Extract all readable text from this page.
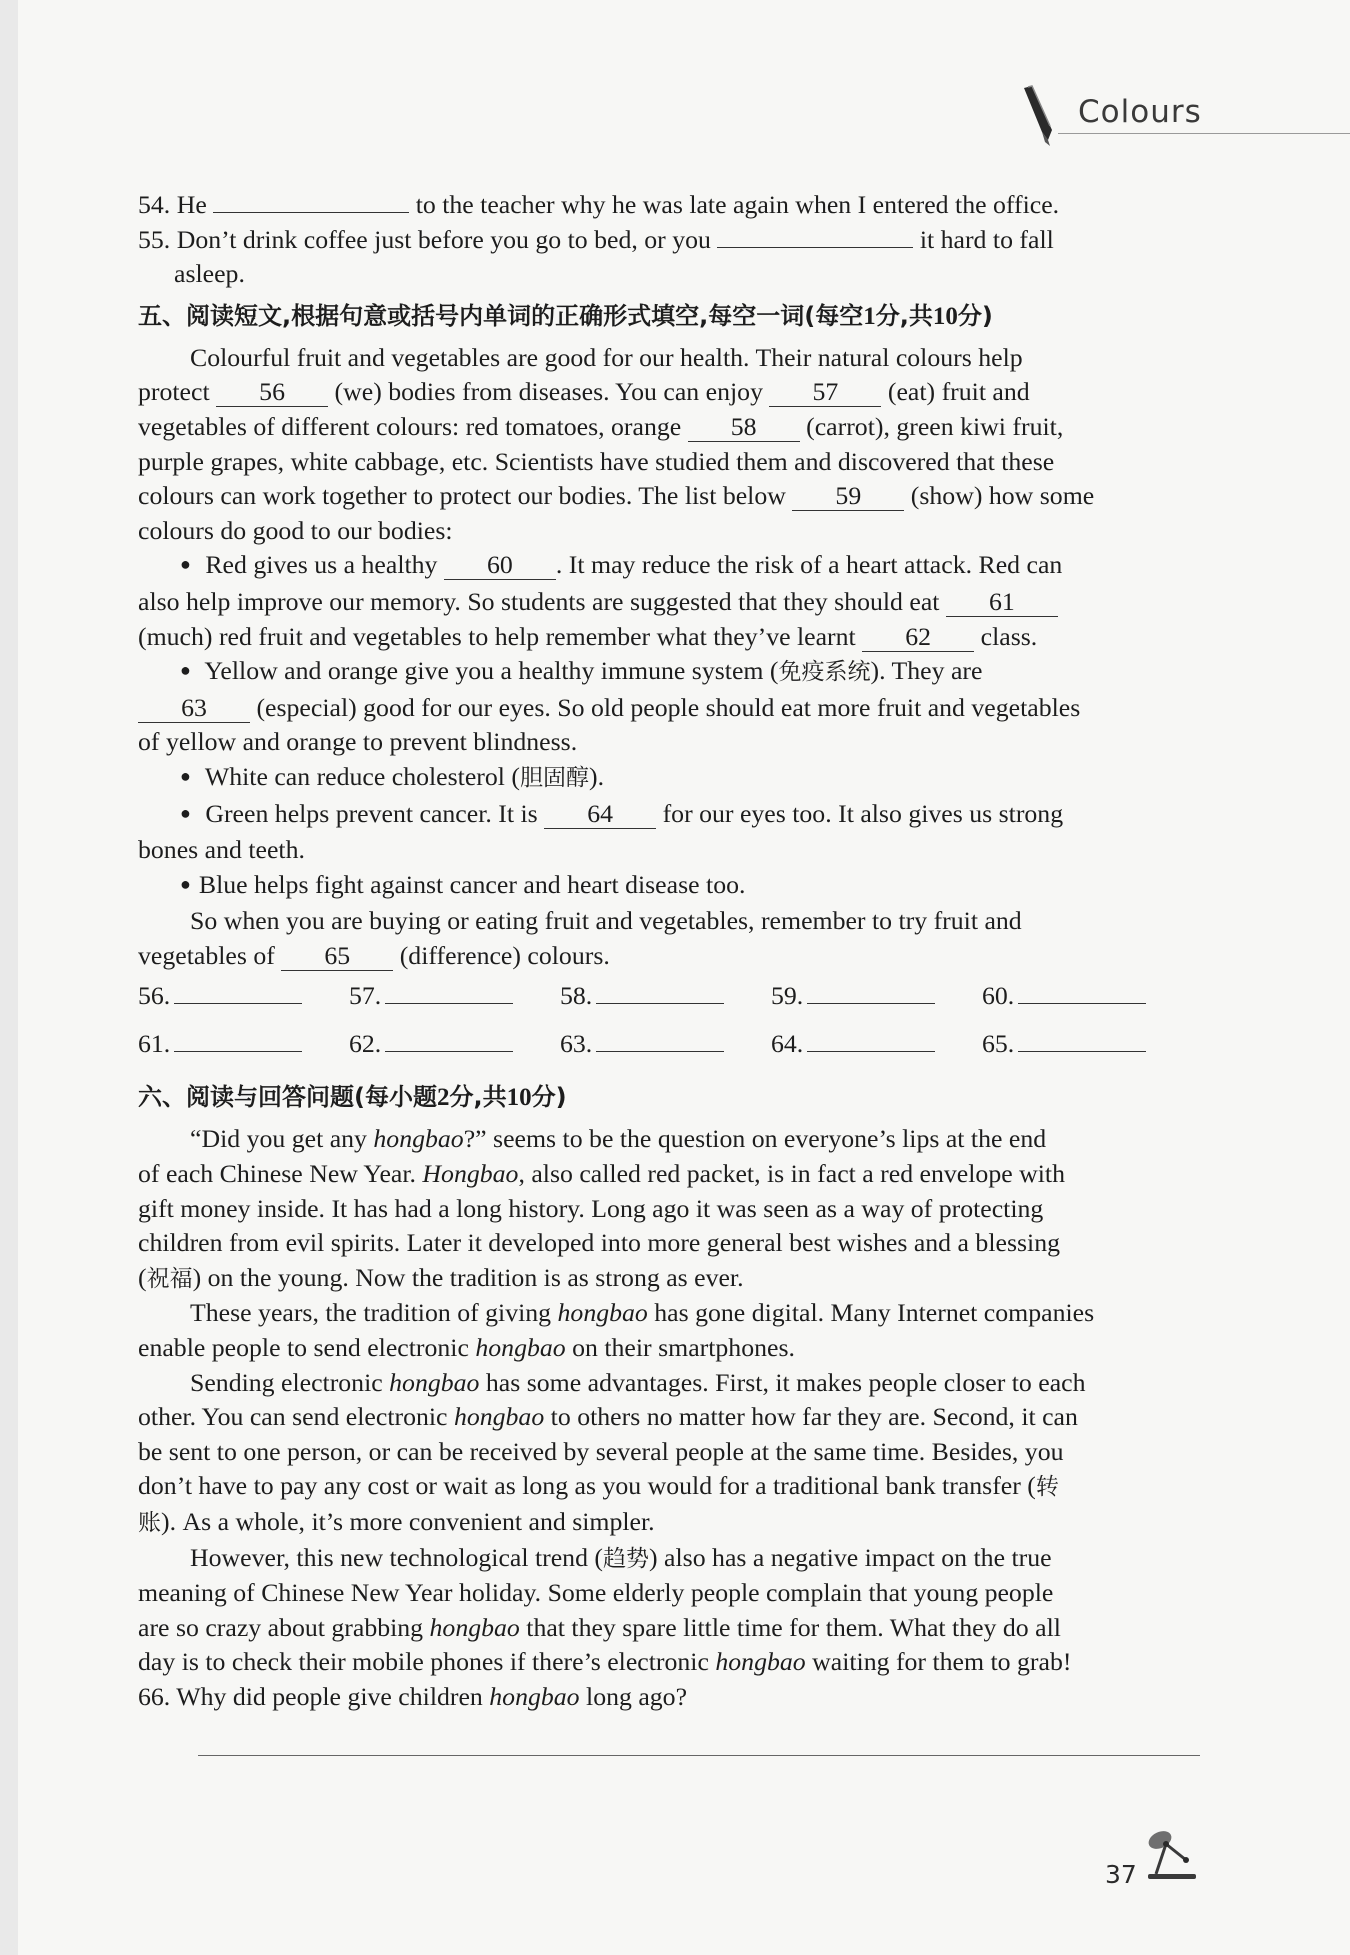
Colours
54. He	to the teacher why he was late again when I entered the office.
55. Don’t drink coffee just before you go to bed, or you	it hard to fall
asleep.
五、阅读短文,根据句意或括号内单词的正确形式填空,每空一词(每空1分,共10分)
Colourful fruit and vegetables are good for our health. Their natural colours help
protect 56 (we) bodies from diseases. You can enjoy 57 (eat) fruit and
vegetables of different colours: red tomatoes, orange 58 (carrot), green kiwi fruit,
purple grapes, white cabbage, etc. Scientists have studied them and discovered that these
colours can work together to protect our bodies. The list below 59 (show) how some
colours do good to our bodies:
● Red gives us a healthy 60 . It may reduce the risk of a heart attack. Red can
also help improve our memory. So students are suggested that they should eat 61
(much) red fruit and vegetables to help remember what they’ve learnt 62 class.
● Yellow and orange give you a healthy immune system (免疫系统). They are
63 (especial) good for our eyes. So old people should eat more fruit and vegetables
of yellow and orange to prevent blindness.
● White can reduce cholesterol (胆固醇).
● Green helps prevent cancer. It is 64 for our eyes too. It also gives us strong
bones and teeth.
● Blue helps fight against cancer and heart disease too.
So when you are buying or eating fruit and vegetables, remember to try fruit and
vegetables of 65 (difference) colours.
56.	57.	58.	59.	60.
61.	62.	63.	64.	65.
六、阅读与回答问题(每小题2分,共10分)
“Did you get any hongbao?” seems to be the question on everyone’s lips at the end
of each Chinese New Year. Hongbao, also called red packet, is in fact a red envelope with
gift money inside. It has had a long history. Long ago it was seen as a way of protecting
children from evil spirits. Later it developed into more general best wishes and a blessing
(祝福) on the young. Now the tradition is as strong as ever.
These years, the tradition of giving hongbao has gone digital. Many Internet companies
enable people to send electronic hongbao on their smartphones.
Sending electronic hongbao has some advantages. First, it makes people closer to each
other. You can send electronic hongbao to others no matter how far they are. Second, it can
be sent to one person, or can be received by several people at the same time. Besides, you
don’t have to pay any cost or wait as long as you would for a traditional bank transfer (转
账). As a whole, it’s more convenient and simpler.
However, this new technological trend (趋势) also has a negative impact on the true
meaning of Chinese New Year holiday. Some elderly people complain that young people
are so crazy about grabbing hongbao that they spare little time for them. What they do all
day is to check their mobile phones if there’s electronic hongbao waiting for them to grab!
66. Why did people give children hongbao long ago?
37
